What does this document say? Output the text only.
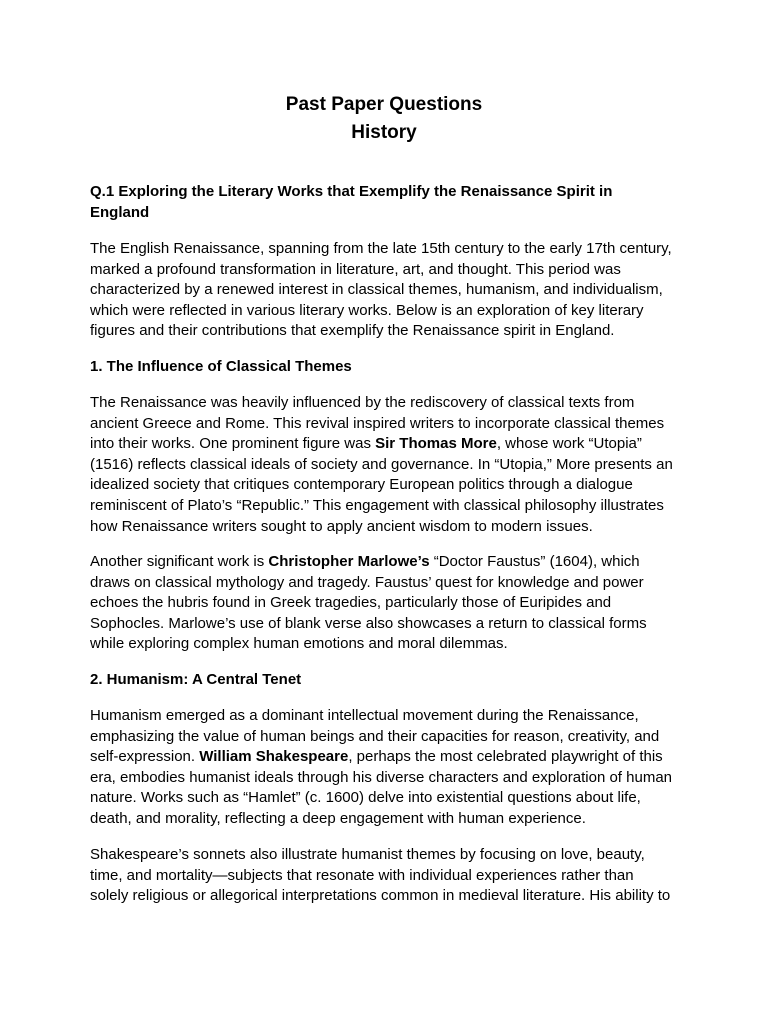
Past Paper Questions
History
Q.1 Exploring the Literary Works that Exemplify the Renaissance Spirit in
England
The English Renaissance, spanning from the late 15th century to the early 17th century,
marked a profound transformation in literature, art, and thought. This period was
characterized by a renewed interest in classical themes, humanism, and individualism,
which were reflected in various literary works. Below is an exploration of key literary
figures and their contributions that exemplify the Renaissance spirit in England.
1. The Influence of Classical Themes
The Renaissance was heavily influenced by the rediscovery of classical texts from
ancient Greece and Rome. This revival inspired writers to incorporate classical themes
into their works. One prominent figure was Sir Thomas More, whose work “Utopia”
(1516) reflects classical ideals of society and governance. In “Utopia,” More presents an
idealized society that critiques contemporary European politics through a dialogue
reminiscent of Plato’s “Republic.” This engagement with classical philosophy illustrates
how Renaissance writers sought to apply ancient wisdom to modern issues.
Another significant work is Christopher Marlowe’s “Doctor Faustus” (1604), which
draws on classical mythology and tragedy. Faustus’ quest for knowledge and power
echoes the hubris found in Greek tragedies, particularly those of Euripides and
Sophocles. Marlowe’s use of blank verse also showcases a return to classical forms
while exploring complex human emotions and moral dilemmas.
2. Humanism: A Central Tenet
Humanism emerged as a dominant intellectual movement during the Renaissance,
emphasizing the value of human beings and their capacities for reason, creativity, and
self-expression. William Shakespeare, perhaps the most celebrated playwright of this
era, embodies humanist ideals through his diverse characters and exploration of human
nature. Works such as “Hamlet” (c. 1600) delve into existential questions about life,
death, and morality, reflecting a deep engagement with human experience.
Shakespeare’s sonnets also illustrate humanist themes by focusing on love, beauty,
time, and mortality—subjects that resonate with individual experiences rather than
solely religious or allegorical interpretations common in medieval literature. His ability to
